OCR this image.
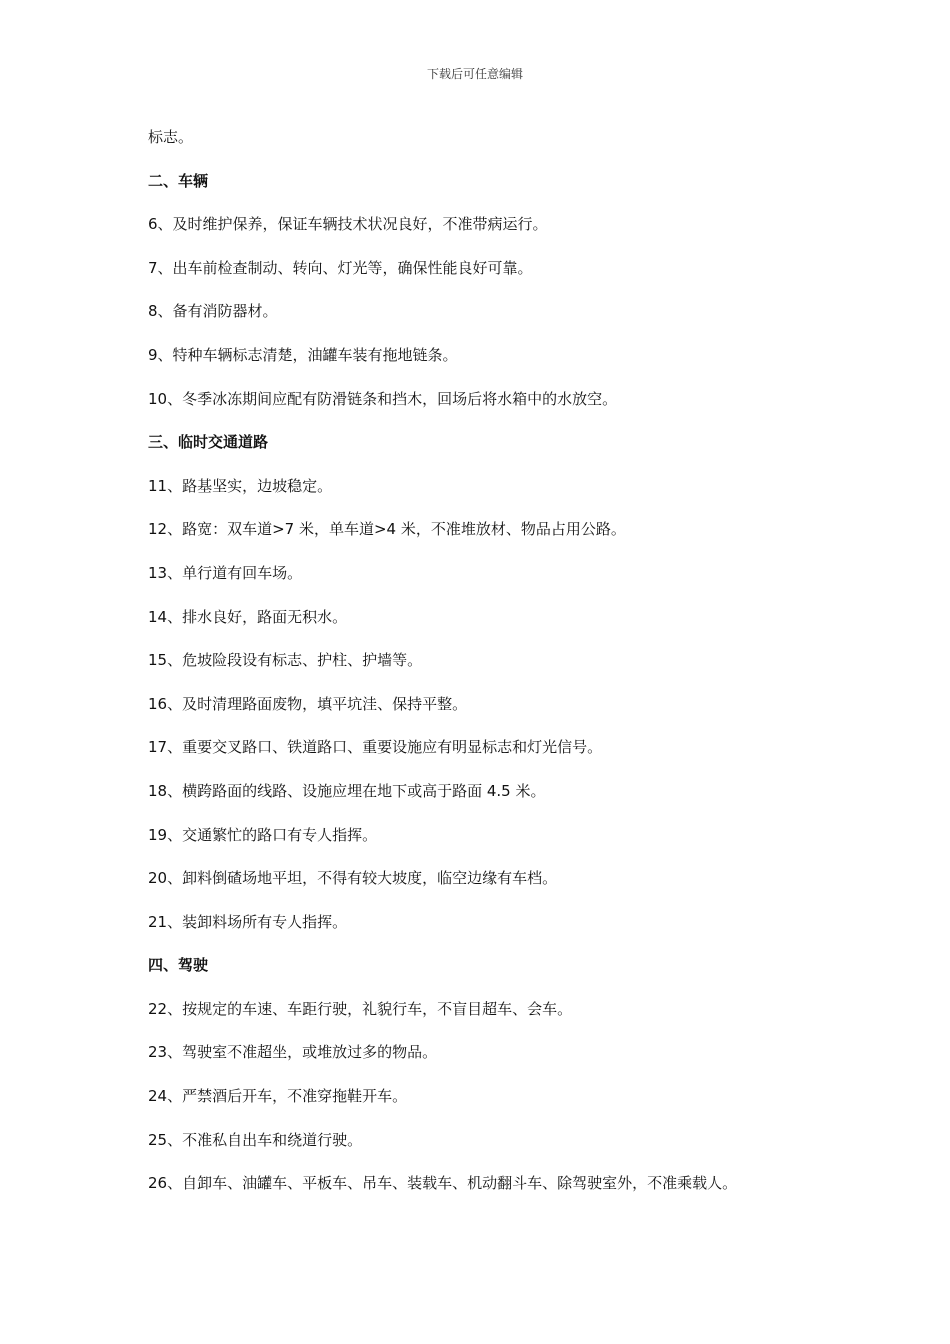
下载后可任意编辑
标志。
二、车辆
6、及时维护保养，保证车辆技术状况良好，不准带病运行。
7、出车前检查制动、转向、灯光等，确保性能良好可靠。
8、备有消防器材。
9、特种车辆标志清楚，油罐车装有拖地链条。
10、冬季冰冻期间应配有防滑链条和挡木，回场后将水箱中的水放空。
三、临时交通道路
11、路基坚实，边坡稳定。
12、路宽：双车道>7 米，单车道>4 米，不准堆放材、物品占用公路。
13、单行道有回车场。
14、排水良好，路面无积水。
15、危坡险段设有标志、护柱、护墙等。
16、及时清理路面废物，填平坑洼、保持平整。
17、重要交叉路口、铁道路口、重要设施应有明显标志和灯光信号。
18、横跨路面的线路、设施应埋在地下或高于路面 4.5 米。
19、交通繁忙的路口有专人指挥。
20、卸料倒碴场地平坦，不得有较大坡度，临空边缘有车档。
21、装卸料场所有专人指挥。
四、驾驶
22、按规定的车速、车距行驶，礼貌行车，不盲目超车、会车。
23、驾驶室不准超坐，或堆放过多的物品。
24、严禁酒后开车，不准穿拖鞋开车。
25、不准私自出车和绕道行驶。
26、自卸车、油罐车、平板车、吊车、装载车、机动翻斗车、除驾驶室外，不准乘载人。
